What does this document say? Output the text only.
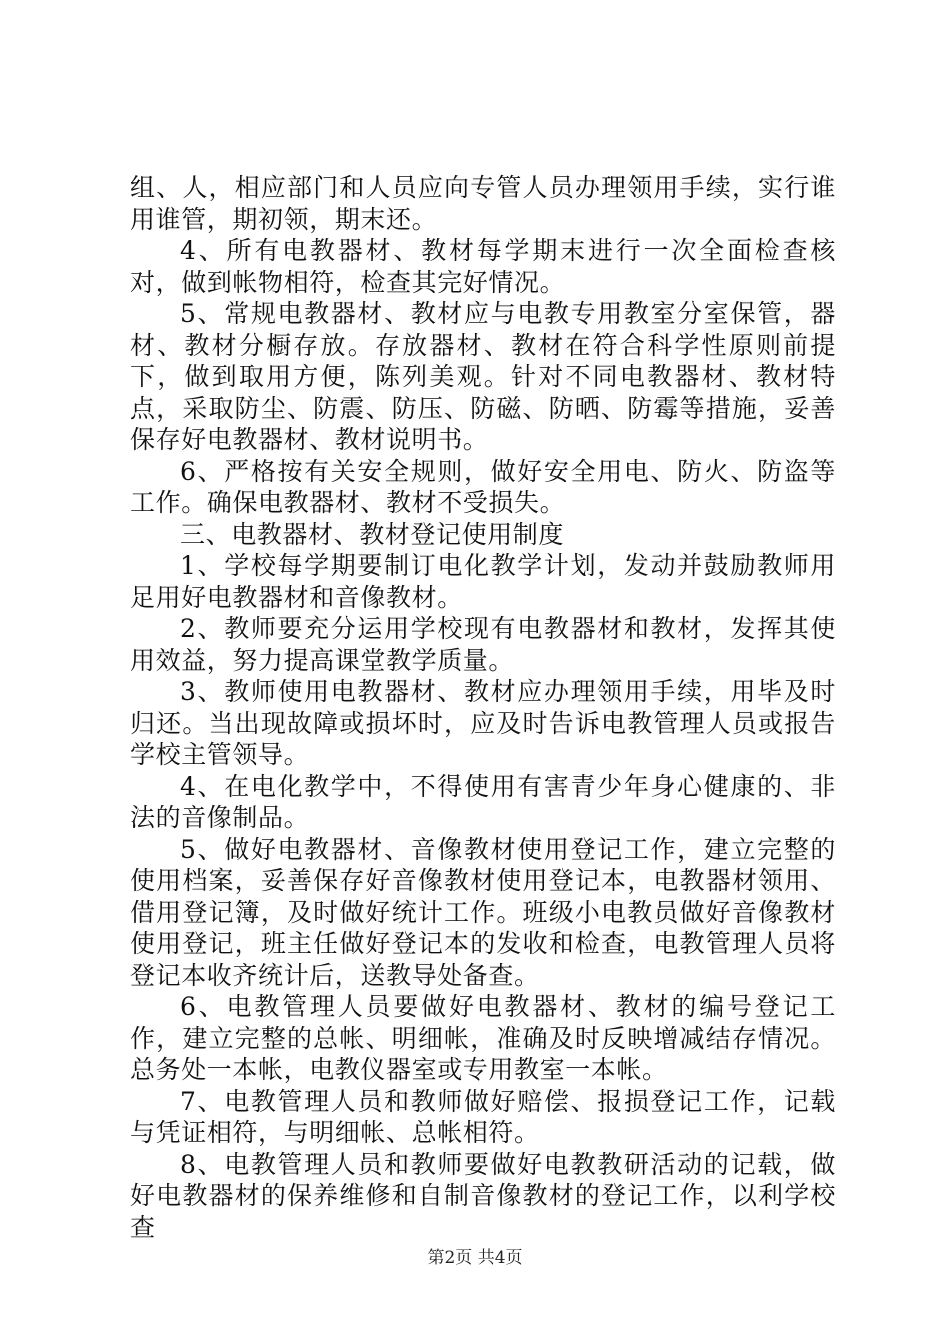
组、人，相应部门和人员应向专管人员办理领用手续，实行谁用谁管，期初领，期末还。

4、所有电教器材、教材每学期末进行一次全面检查核对，做到帐物相符，检查其完好情况。

5、常规电教器材、教材应与电教专用教室分室保管，器材、教材分橱存放。存放器材、教材在符合科学性原则前提下，做到取用方便，陈列美观。针对不同电教器材、教材特点，采取防尘、防震、防压、防磁、防晒、防霉等措施，妥善保存好电教器材、教材说明书。

6、严格按有关安全规则，做好安全用电、防火、防盗等工作。确保电教器材、教材不受损失。

三、电教器材、教材登记使用制度

1、学校每学期要制订电化教学计划，发动并鼓励教师用足用好电教器材和音像教材。

2、教师要充分运用学校现有电教器材和教材，发挥其使用效益，努力提高课堂教学质量。

3、教师使用电教器材、教材应办理领用手续，用毕及时归还。当出现故障或损坏时，应及时告诉电教管理人员或报告学校主管领导。

4、在电化教学中，不得使用有害青少年身心健康的、非法的音像制品。

5、做好电教器材、音像教材使用登记工作，建立完整的使用档案，妥善保存好音像教材使用登记本，电教器材领用、借用登记簿，及时做好统计工作。班级小电教员做好音像教材使用登记，班主任做好登记本的发收和检查，电教管理人员将登记本收齐统计后，送教导处备查。

6、电教管理人员要做好电教器材、教材的编号登记工作，建立完整的总帐、明细帐，准确及时反映增减结存情况。总务处一本帐，电教仪器室或专用教室一本帐。

7、电教管理人员和教师做好赔偿、报损登记工作，记载与凭证相符，与明细帐、总帐相符。

8、电教管理人员和教师要做好电教教研活动的记载，做好电教器材的保养维修和自制音像教材的登记工作，以利学校查

第2页 共4页
